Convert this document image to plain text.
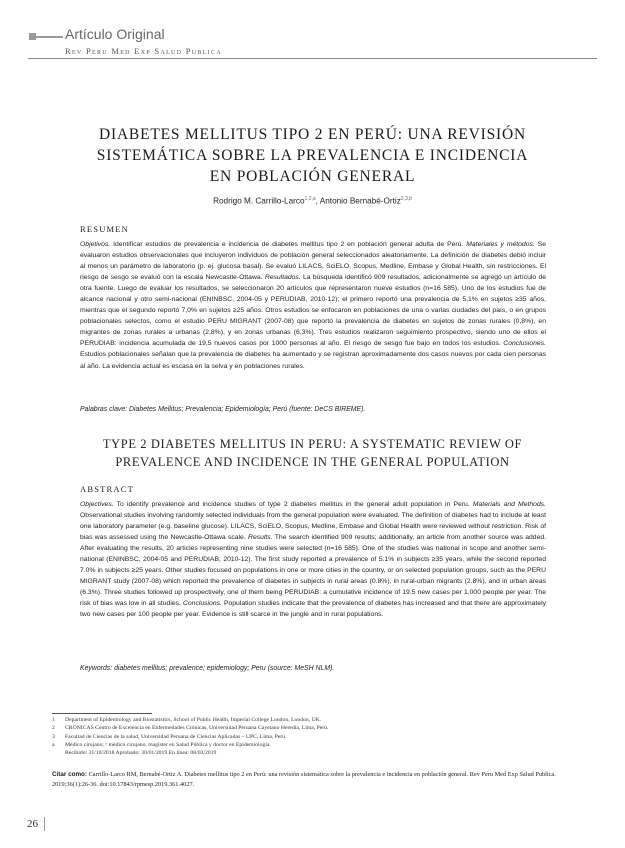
Artículo Original
Rev Peru Med Exp Salud Publica
DIABETES MELLITUS TIPO 2 EN PERÚ: UNA REVISIÓN
SISTEMÁTICA SOBRE LA PREVALENCIA E INCIDENCIA
EN POBLACIÓN GENERAL
Rodrigo M. Carrillo-Larco$^{1,2,a}$, Antonio Bernabé-Ortiz$^{2,3,b}$
RESUMEN
Objetivos. Identificar estudios de prevalencia e incidencia de diabetes mellitus tipo 2 en población general adulta de Perú. Materiales y métodos. Se evaluaron estudios observacionales que incluyeron individuos de población general seleccionados aleatoriamente. La definición de diabetes debió incluir al menos un parámetro de laboratorio (p. ej. glucosa basal). Se evaluó LILACS, SciELO, Scopus, Medline, Embase y Global Health, sin restricciones. El riesgo de sesgo se evaluó con la escala Newcastle-Ottawa. Resultados. La búsqueda identificó 909 resultados, adicionalmente se agregó un artículo de otra fuente. Luego de evaluar los resultados, se seleccionaron 20 artículos que representaron nueve estudios (n=16 585). Uno de los estudios fue de alcance nacional y otro semi-nacional (ENINBSC, 2004-05 y PERUDIAB, 2010-12); el primero reportó una prevalencia de 5,1% en sujetos ≥35 años, mientras que el segundo reportó 7,0% en sujetos ≥25 años. Otros estudios se enfocaron en poblaciones de una o varias ciudades del país, o en grupos poblacionales selectos, como el estudio PERU MIGRANT (2007-08) que reportó la prevalencia de diabetes en sujetos de zonas rurales (0,8%), en migrantes de zonas rurales a urbanas (2,8%), y en zonas urbanas (6,3%). Tres estudios realizaron seguimiento prospectivo, siendo uno de ellos el PERUDIAB: incidencia acumulada de 19,5 nuevos casos por 1000 personas al año. El riesgo de sesgo fue bajo en todos los estudios. Conclusiones. Estudios poblacionales señalan que la prevalencia de diabetes ha aumentado y se registran aproximadamente dos casos nuevos por cada cien personas al año. La evidencia actual es escasa en la selva y en poblaciones rurales.
Palabras clave: Diabetes Mellitus; Prevalencia; Epidemiología; Perú (fuente: DeCS BIREME).
TYPE 2 DIABETES MELLITUS IN PERU: A SYSTEMATIC REVIEW OF
PREVALENCE AND INCIDENCE IN THE GENERAL POPULATION
ABSTRACT
Objectives. To identify prevalence and incidence studies of type 2 diabetes mellitus in the general adult population in Peru. Materials and Methods. Observational studies involving randomly selected individuals from the general population were evaluated. The definition of diabetes had to include at least one laboratory parameter (e.g. baseline glucose). LILACS, SciELO, Scopus, Medline, Embase and Global Health were reviewed without restriction. Risk of bias was assessed using the Newcastle-Ottawa scale. Results. The search identified 909 results; additionally, an article from another source was added. After evaluating the results, 20 articles representing nine studies were selected (n=16 585). One of the studies was national in scope and another semi-national (ENINBSC, 2004-05 and PERUDIAB, 2010-12). The first study reported a prevalence of 5.1% in subjects ≥35 years, while the second reported 7.0% in subjects ≥25 years. Other studies focused on populations in one or more cities in the country, or on selected population groups, such as the PERU MIGRANT study (2007-08) which reported the prevalence of diabetes in subjects in rural areas (0.8%), in rural-urban migrants (2.8%), and in urban areas (6.3%). Three studies followed up prospectively, one of them being PERUDIAB: a cumulative incidence of 19.5 new cases per 1,000 people per year. The risk of bias was low in all studies. Conclusions. Population studies indicate that the prevalence of diabetes has increased and that there are approximately two new cases per 100 people per year. Evidence is still scarce in the jungle and in rural populations.
Keywords: diabetes mellitus; prevalence; epidemiology; Peru (source: MeSH NLM).
1	Department of Epidemiology and Biostatistics, School of Public Health, Imperial College London, London, UK.
2	CRONICAS Centro de Excelencia en Enfermedades Crónicas, Universidad Peruana Cayetano Heredia, Lima, Perú.
3	Facultad de Ciencias de la salud, Universidad Peruana de Ciencias Aplicadas – UPC, Lima, Perú.
a	Médico cirujano; ᵇ médico cirujano, magíster en Salud Pública y doctor en Epidemiología.
Recibido: 31/10/2018 Aprobado: 30/01/2019 En línea: 08/03/2019
Citar como: Carrillo-Larco RM, Bernabé-Ortiz A. Diabetes mellitus tipo 2 en Perú: una revisión sistemática sobre la prevalencia e incidencia en población general. Rev Peru Med Exp Salud Publica. 2019;36(1):26-36. doi:10.17843/rpmesp.2019.361.4027.
26
